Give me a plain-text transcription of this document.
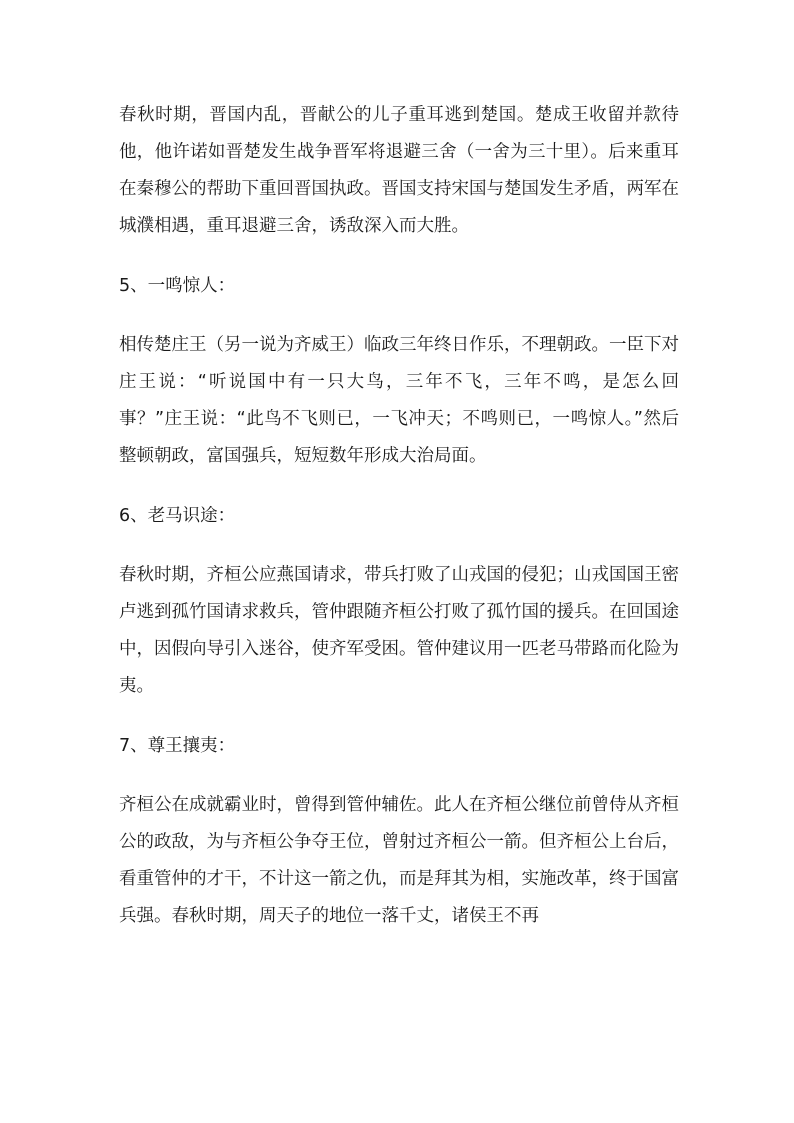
春秋时期，晋国内乱，晋献公的儿子重耳逃到楚国。楚成王收留并款待他，他许诺如晋楚发生战争晋军将退避三舍（一舍为三十里）。后来重耳在秦穆公的帮助下重回晋国执政。晋国支持宋国与楚国发生矛盾，两军在城濮相遇，重耳退避三舍，诱敌深入而大胜。

5、一鸣惊人：

相传楚庄王（另一说为齐威王）临政三年终日作乐，不理朝政。一臣下对庄王说：“听说国中有一只大鸟，三年不飞，三年不鸣，是怎么回事？”庄王说：“此鸟不飞则已，一飞冲天；不鸣则已，一鸣惊人。”然后整顿朝政，富国强兵，短短数年形成大治局面。

6、老马识途：

春秋时期，齐桓公应燕国请求，带兵打败了山戎国的侵犯；山戎国国王密卢逃到孤竹国请求救兵，管仲跟随齐桓公打败了孤竹国的援兵。在回国途中，因假向导引入迷谷，使齐军受困。管仲建议用一匹老马带路而化险为夷。

7、尊王攘夷：

齐桓公在成就霸业时，曾得到管仲辅佐。此人在齐桓公继位前曾侍从齐桓公的政敌，为与齐桓公争夺王位，曾射过齐桓公一箭。但齐桓公上台后，看重管仲的才干，不计这一箭之仇，而是拜其为相，实施改革，终于国富兵强。春秋时期，周天子的地位一落千丈，诸侯王不再
